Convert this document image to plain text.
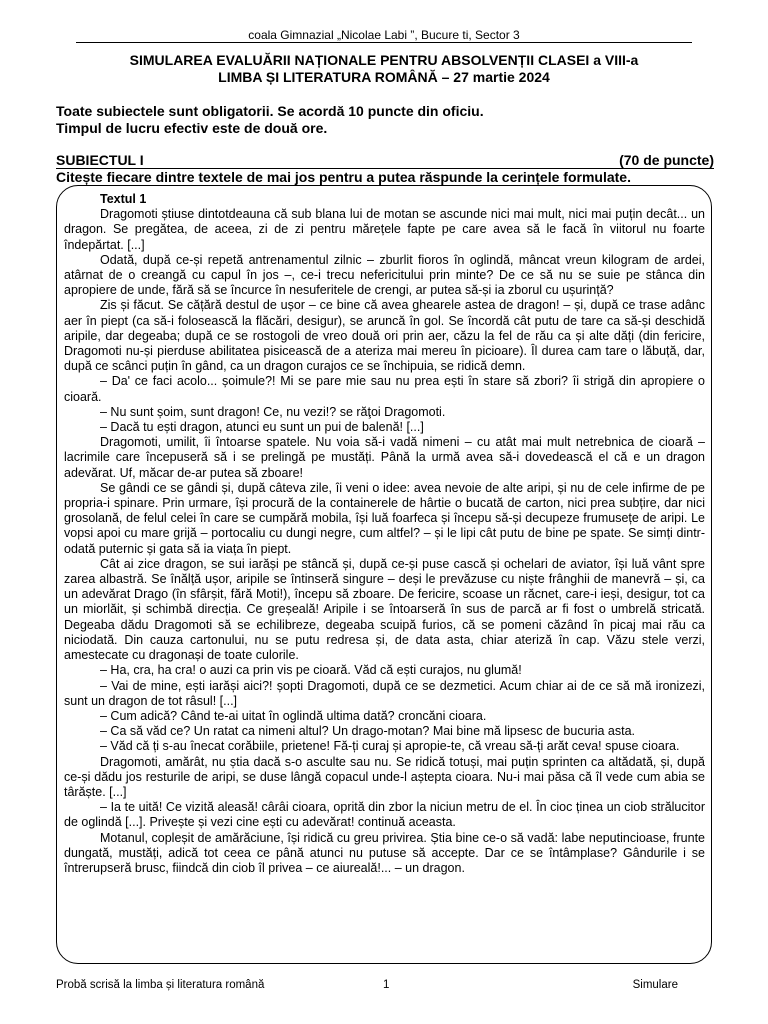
coala Gimnazial „Nicolae Labi ”, Bucure ti, Sector 3
SIMULAREA EVALUĂRII NAȚIONALE PENTRU ABSOLVENȚII CLASEI a VIII-a
LIMBA ȘI LITERATURA ROMÂNĂ – 27 martie 2024
Toate subiectele sunt obligatorii. Se acordă 10 puncte din oficiu.
Timpul de lucru efectiv este de două ore.
SUBIECTUL I	(70 de puncte)
Citește fiecare dintre textele de mai jos pentru a putea răspunde la cerințele formulate.
Textul 1

Dragomoti știuse dintotdeauna că sub blana lui de motan se ascunde nici mai mult, nici mai puțin decât... un dragon. Se pregătea, de aceea, zi de zi pentru mărețele fapte pe care avea să le facă în viitorul nu foarte îndepărtat. [...]

Odată, după ce-și repetă antrenamentul zilnic – zburlit fioros în oglindă, mâncat vreun kilogram de ardei, atârnat de o creangă cu capul în jos –, ce-i trecu nefericitului prin minte? De ce să nu se suie pe stânca din apropiere de unde, fără să se încurce în nesuferitele de crengi, ar putea să-și ia zborul cu ușurință?

Zis și făcut. Se cățără destul de ușor – ce bine că avea ghearele astea de dragon! – și, după ce trase adânc aer în piept (ca să-i folosească la flăcări, desigur), se aruncă în gol. Se încordă cât putu de tare ca să-și deschidă aripile, dar degeaba; după ce se rostogoli de vreo două ori prin aer, căzu la fel de rău ca și alte dăți (din fericire, Dragomoti nu-și pierduse abilitatea pisicească de a ateriza mai mereu în picioare). Îl durea cam tare o lăbuță, dar, după ce scânci puțin în gând, ca un dragon curajos ce se închipuia, se ridică demn.

– Da' ce faci acolo... șoimule?! Mi se pare mie sau nu prea ești în stare să zbori? îi strigă din apropiere o cioară.

– Nu sunt șoim, sunt dragon! Ce, nu vezi!? se răţoi Dragomoti.

– Dacă tu ești dragon, atunci eu sunt un pui de balenă! [...]

Dragomoti, umilit, îi întoarse spatele. Nu voia să-i vadă nimeni – cu atât mai mult netrebnica de cioară – lacrimile care începuseră să i se prelingă pe mustăți. Până la urmă avea să-i dovedească el că e un dragon adevărat. Uf, măcar de-ar putea să zboare!

Se gândi ce se gândi și, după câteva zile, îi veni o idee: avea nevoie de alte aripi, și nu de cele infirme de pe propria-i spinare. Prin urmare, își procură de la containerele de hârtie o bucată de carton, nici prea subțire, dar nici grosolană, de felul celei în care se cumpără mobila, își luă foarfeca și începu să-și decupeze frumusețe de aripi. Le vopsi apoi cu mare grijă – portocaliu cu dungi negre, cum altfel? – și le lipi cât putu de bine pe spate. Se simți dintr-odată puternic și gata să ia viața în piept.

Cât ai zice dragon, se sui iarăși pe stâncă și, după ce-și puse cască și ochelari de aviator, își luă vânt spre zarea albastră. Se înălță ușor, aripile se întinseră singure – deși le prevăzuse cu niște frânghii de manevră – și, ca un adevărat Drago (în sfârșit, fără Moti!), începu să zboare. De fericire, scoase un răcnet, care-i ieși, desigur, tot ca un miorlăit, și schimbă direcția. Ce greșeală! Aripile i se întoarseră în sus de parcă ar fi fost o umbrelă stricată. Degeaba dădu Dragomoti să se echilibreze, degeaba scuipă furios, că se pomeni căzând în picaj mai rău ca niciodată. Din cauza cartonului, nu se putu redresa și, de data asta, chiar ateriză în cap. Văzu stele verzi, amestecate cu dragonași de toate culorile.

– Ha, cra, ha cra! o auzi ca prin vis pe cioară. Văd că ești curajos, nu glumă!

– Vai de mine, ești iarăși aici?! șopti Dragomoti, după ce se dezmetici. Acum chiar ai de ce să mă ironizezi, sunt un dragon de tot râsul! [...]

– Cum adică? Când te-ai uitat în oglindă ultima dată? croncăni cioara.

– Ca să văd ce? Un ratat ca nimeni altul? Un drago-motan? Mai bine mă lipsesc de bucuria asta.

– Văd că ți s-au înecat corăbiile, prietene! Fă-ți curaj și apropie-te, că vreau să-ți arăt ceva! spuse cioara.

Dragomoti, amărât, nu știa dacă s-o asculte sau nu. Se ridică totuși, mai puțin sprinten ca altădată, și, după ce-și dădu jos resturile de aripi, se duse lângă copacul unde-l aștepta cioara. Nu-i mai păsa că îl vede cum abia se târăște. [...]

– Ia te uită! Ce vizită aleasă! cârâi cioara, oprită din zbor la niciun metru de el. În cioc ținea un ciob strălucitor de oglindă [...]. Privește și vezi cine ești cu adevărat! continuă aceasta.

Motanul, copleșit de amărăciune, își ridică cu greu privirea. Știa bine ce-o să vadă: labe neputincioase, frunte dungată, mustăți, adică tot ceea ce până atunci nu putuse să accepte. Dar ce se întâmplase? Gândurile i se întrerupseră brusc, fiindcă din ciob îl privea – ce aiureală!... – un dragon.

Probă scrisă la limba și literatura română	1	Simulare
